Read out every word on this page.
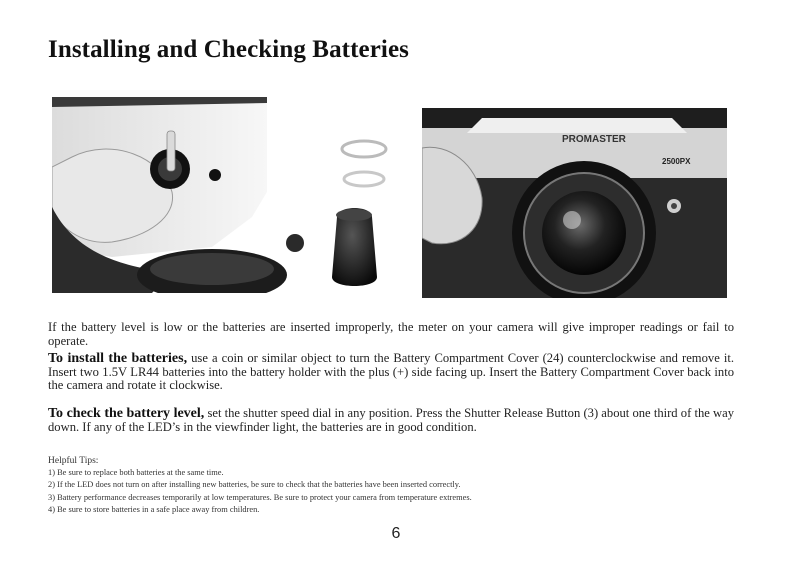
Installing and Checking Batteries
PROMASTER
2500PX
If the battery level is low or the batteries are inserted improperly, the meter on your camera will give improper readings or fail to operate.
To install the batteries, use a coin or similar object to turn the Battery Compartment Cover (24) counterclockwise and remove it. Insert two 1.5V LR44 batteries into the battery holder with the plus (+) side facing up. Insert the Battery Compartment Cover back into the camera and rotate it clockwise.
To check the battery level, set the shutter speed dial in any position. Press the Shutter Release Button (3) about one third of the way down. If any of the LED’s in the viewfinder light, the batteries are in good condition.
Helpful Tips:
1) Be sure to replace both batteries at the same time.
2) If the LED does not turn on after installing new batteries, be sure to check that the batteries have been inserted correctly.
3) Battery performance decreases temporarily at low temperatures. Be sure to protect your camera from temperature extremes.
4) Be sure to store batteries in a safe place away from children.
6
